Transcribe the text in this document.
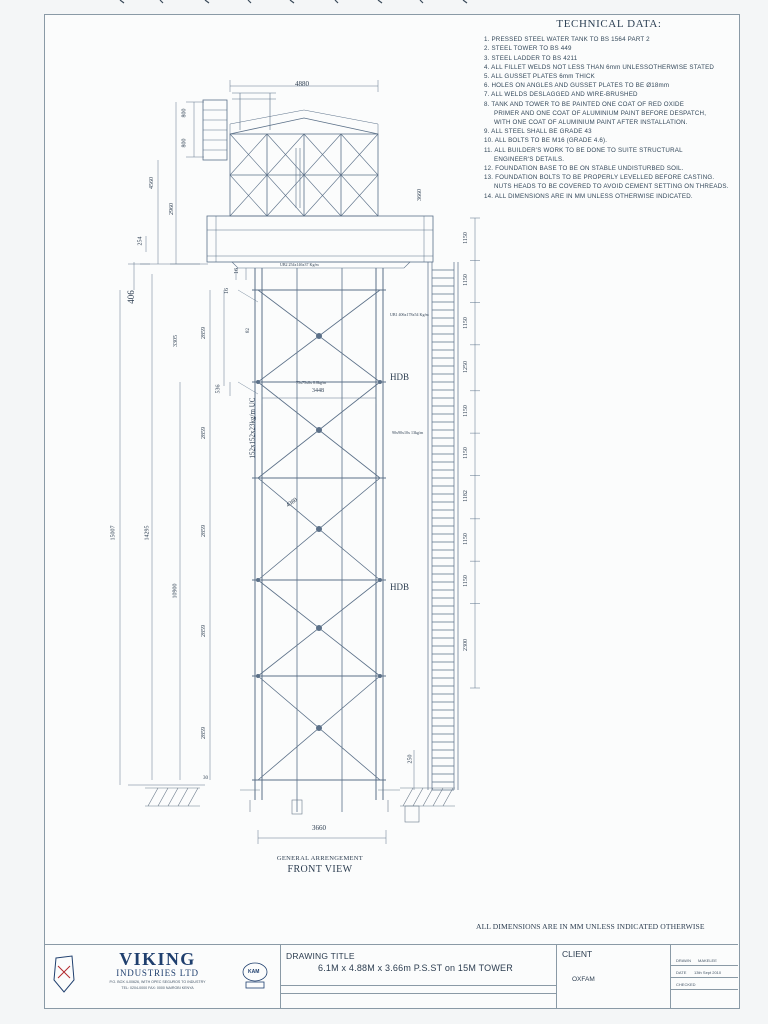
4880
800
800
4560
2960
3660
254
406	16
16
3305
2859
536
2859
15007	14295	2859
10900
2859
2859
3448
4380
250
30
82
3660
HDB
HDB
UB2 254x146x37 Kg/m
UB1 406x178x54 Kg/m
152x152x23kg/m UC
75x75x8x 8.8kg/m
90x90x10x 13kg/m
1150
1150
1150
1250
1150
1150
1182
1150
1150
2300
TECHNICAL DATA:
1. PRESSED STEEL WATER TANK TO BS 1564 PART 2
2. STEEL TOWER TO BS 449
3. STEEL LADDER TO BS 4211
4. ALL FILLET WELDS NOT LESS THAN 6mm UNLESSOTHERWISE STATED
5. ALL GUSSET PLATES 6mm THICK
6. HOLES ON ANGLES AND GUSSET PLATES TO BE Ø18mm
7. ALL WELDS DESLAGGED AND WIRE-BRUSHED
8. TANK AND TOWER TO BE PAINTED ONE COAT OF RED OXIDE
PRIMER AND ONE COAT OF ALUMINIUM PAINT BEFORE DESPATCH,
WITH ONE COAT OF ALUMINIUM PAINT AFTER INSTALLATION.
9. ALL STEEL SHALL BE GRADE 43
10. ALL BOLTS TO BE M16 (GRADE 4.6).
11. ALL BUILDER'S WORK TO BE DONE TO SUITE STRUCTURAL
ENGINEER'S DETAILS.
12. FOUNDATION BASE TO BE ON STABLE UNDISTURBED SOIL.
13. FOUNDATION BOLTS TO BE PROPERLY LEVELLED BEFORE CASTING.
NUTS HEADS TO BE COVERED TO AVOID CEMENT SETTING ON THREADS.
14. ALL DIMENSIONS ARE IN MM UNLESS OTHERWISE INDICATED.
GENERAL ARRENGEMENT
FRONT VIEW
ALL DIMENSIONS ARE IN MM UNLESS INDICATED OTHERWISE
VIKING
INDUSTRIES LTD
P.O. BOX 4-00626, WITH OPEC SEGUROS TO INDUSTRY
TEL: 0204-0000 FAX: 0000 NAIROBI KENYA
KAM
DRAWING TITLE
6.1M x 4.88M x 3.66m P.S.ST on 15M TOWER
CLIENT
OXFAM
DRAWN MAKELEE
DATE 13th Sept 2010
CHECKED
